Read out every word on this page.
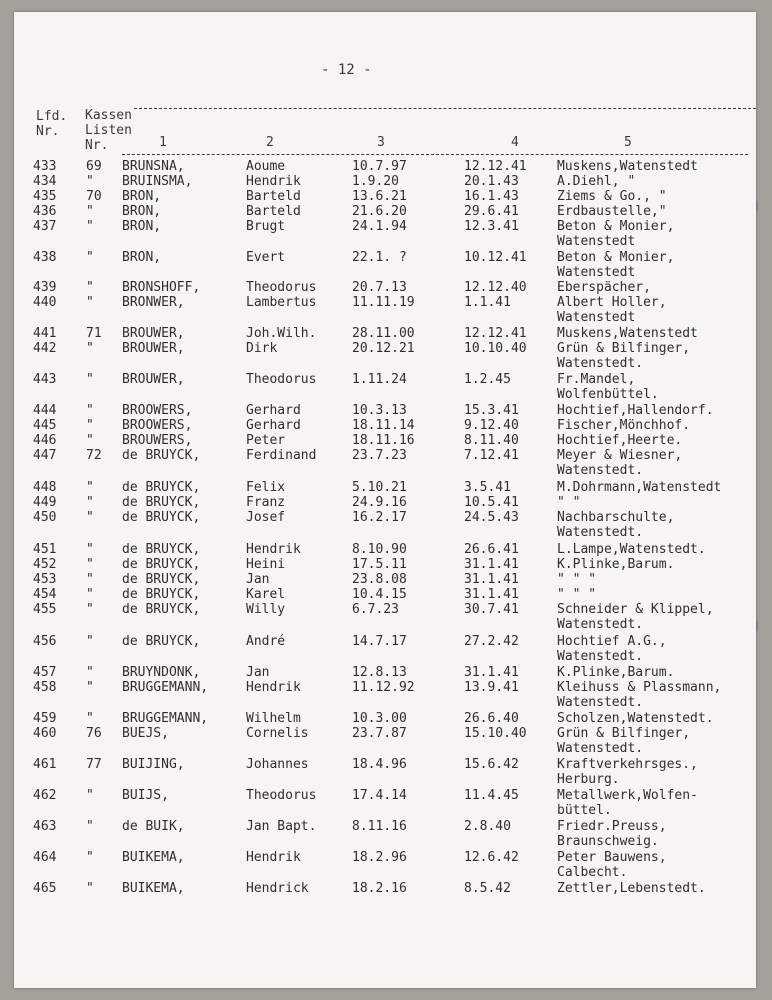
- 12 -
Lfd.
Nr.
Kassen
Listen
Nr.	1	2	3	4	5
433 69 BRUNSNA,	Aoume	10.7.97	12.12.41 Muskens,Watenstedt
434 " BRUINSMA,	Hendrik	1.9.20	20.1.43	A.Diehl, "
435 70 BRON,	Barteld	13.6.21	16.1.43	Ziems & Go., "
436 " BRON,	Barteld	21.6.20	29.6.41	Erdbaustelle,"
437 " BRON,	Brugt	24.1.94	12.3.41	Beton & Monier,
Watenstedt
438 " BRON,	Evert	22.1. ?	10.12.41 Beton & Monier,
Watenstedt
439 " BRONSHOFF,	Theodorus	20.7.13	12.12.40 Eberspächer,
440 " BRONWER,	Lambertus	11.11.19	1.1.41	Albert Holler,
Watenstedt
441 71 BROUWER,	Joh.Wilh.	28.11.00	12.12.41 Muskens,Watenstedt
442 " BROUWER,	Dirk	20.12.21	10.10.40 Grün & Bilfinger,
Watenstedt.
443 " BROUWER,	Theodorus	1.11.24	1.2.45	Fr.Mandel,
Wolfenbüttel.
444 " BROOWERS,	Gerhard	10.3.13	15.3.41	Hochtief,Hallendorf.
445 " BROOWERS,	Gerhard	18.11.14	9.12.40	Fischer,Mönchhof.
446 " BROUWERS,	Peter	18.11.16	8.11.40	Hochtief,Heerte.
447 72 de BRUYCK,	Ferdinand	23.7.23	7.12.41	Meyer & Wiesner,
Watenstedt.
448 " de BRUYCK,	Felix	5.10.21	3.5.41	M.Dohrmann,Watenstedt
449 " de BRUYCK,	Franz	24.9.16	10.5.41	" "
450 " de BRUYCK,	Josef	16.2.17	24.5.43	Nachbarschulte,
Watenstedt.
451 " de BRUYCK,	Hendrik	8.10.90	26.6.41	L.Lampe,Watenstedt.
452 " de BRUYCK,	Heini	17.5.11	31.1.41	K.Plinke,Barum.
453 " de BRUYCK,	Jan	23.8.08	31.1.41	" " "
454 " de BRUYCK,	Karel	10.4.15	31.1.41	" " "
455 " de BRUYCK,	Willy	6.7.23	30.7.41	Schneider & Klippel,
Watenstedt.
456 " de BRUYCK,	André	14.7.17	27.2.42	Hochtief A.G.,
Watenstedt.
457 " BRUYNDONK,	Jan	12.8.13	31.1.41	K.Plinke,Barum.
458 " BRUGGEMANN,	Hendrik	11.12.92	13.9.41	Kleihuss & Plassmann,
Watenstedt.
459 " BRUGGEMANN,	Wilhelm	10.3.00	26.6.40	Scholzen,Watenstedt.
460 76 BUEJS,	Cornelis	23.7.87	15.10.40 Grün & Bilfinger,
Watenstedt.
461 77 BUIJING,	Johannes	18.4.96	15.6.42	Kraftverkehrsges.,
Herburg.
462 " BUIJS,	Theodorus	17.4.14	11.4.45	Metallwerk,Wolfen-
büttel.
463 " de BUIK,	Jan Bapt.	8.11.16	2.8.40	Friedr.Preuss,
Braunschweig.
464 " BUIKEMA,	Hendrik	18.2.96	12.6.42	Peter Bauwens,
Calbecht.
465 " BUIKEMA,	Hendrick	18.2.16	8.5.42	Zettler,Lebenstedt.
